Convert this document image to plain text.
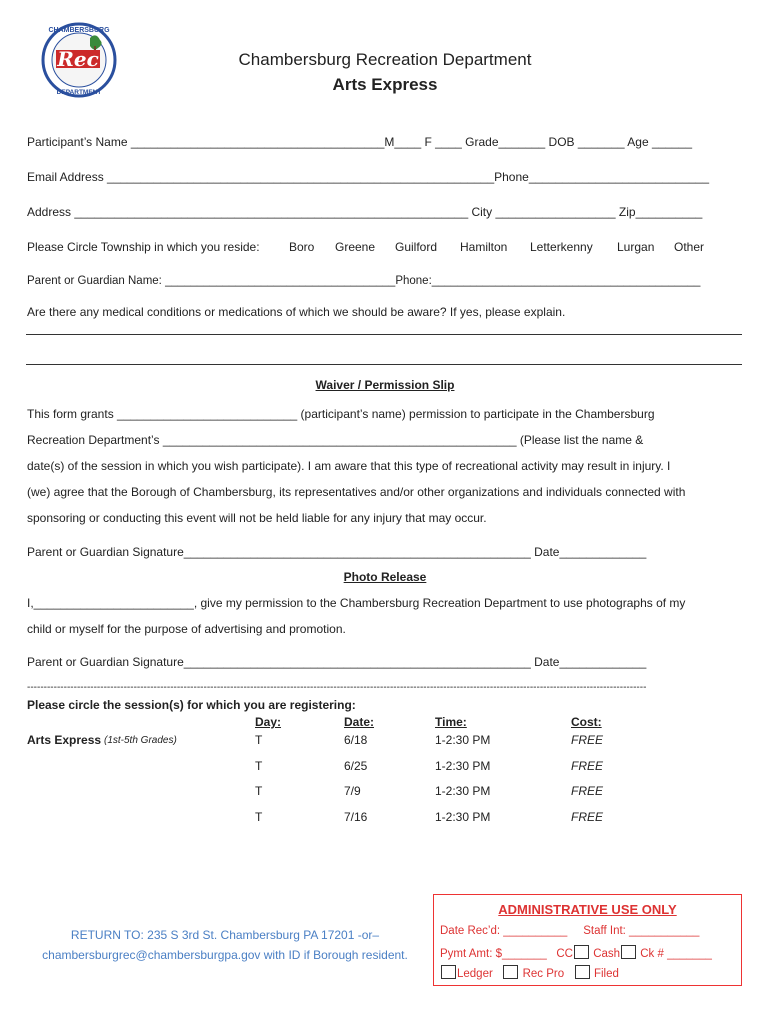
Rec
CHAMBERSBURG
DEPARTMENT
Chambersburg Recreation Department
Arts Express
Participant’s Name ______________________________________M____ F ____ Grade_______ DOB _______ Age ______
Email Address __________________________________________________________Phone___________________________
Address ___________________________________________________________ City __________________ Zip__________
Please Circle Township in which you reside: Boro Greene Guilford Hamilton Letterkenny Lurgan Other
Parent or Guardian Name: ____________________________________Phone:__________________________________________
Are there any medical conditions or medications of which we should be aware? If yes, please explain.
Waiver / Permission Slip
This form grants ___________________________ (participant’s name) permission to participate in the Chambersburg
Recreation Department’s _____________________________________________________ (Please list the name &
date(s) of the session in which you wish participate). I am aware that this type of recreational activity may result in injury. I
(we) agree that the Borough of Chambersburg, its representatives and/or other organizations and individuals connected with
sponsoring or conducting this event will not be held liable for any injury that may occur.
Parent or Guardian Signature____________________________________________________ Date_____________
Photo Release
I,________________________, give my permission to the Chambersburg Recreation Department to use photographs of my
child or myself for the purpose of advertising and promotion.
Parent or Guardian Signature____________________________________________________ Date_____________
------------------------------------------------------------------------------------------------------------------------------------------------------------------------------------------
Please circle the session(s) for which you are registering:
Day:	Date:	Time:	Cost:
Arts Express (1st-5th Grades)	T	6/18	1-2:30 PM	FREE
T	6/25	1-2:30 PM	FREE
T	7/9	1-2:30 PM	FREE
T	7/16	1-2:30 PM	FREE
RETURN TO: 235 S 3rd St. Chambersburg PA 17201 -or–
chambersburgrec@chambersburgpa.gov with ID if Borough resident.
ADMINISTRATIVE USE ONLY
Date Rec’d: __________ Staff Int: ___________
Pymt Amt: $_______ CC Cash Ck # _______
Ledger	Rec Pro	Filed
